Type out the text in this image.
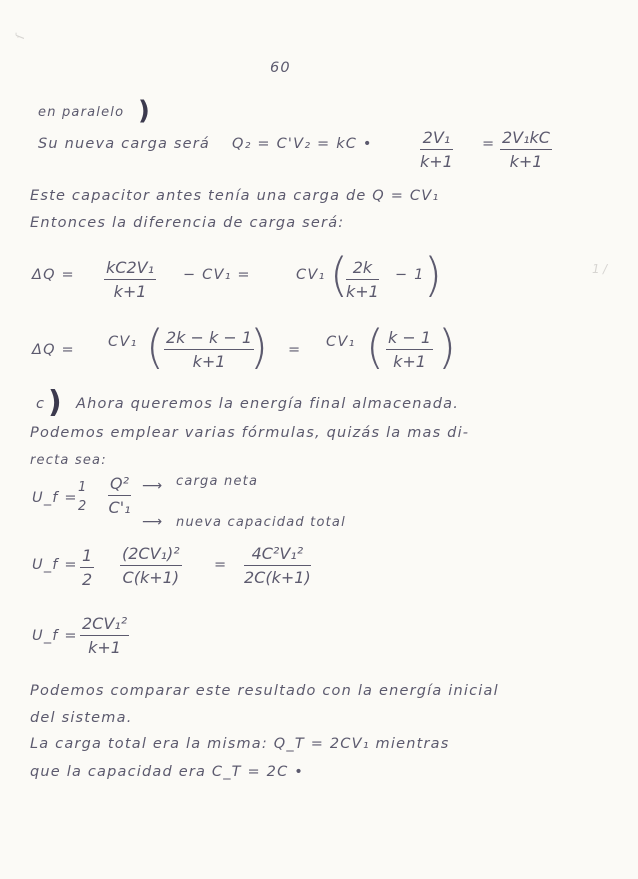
ſ
1 /
60
en paralelo )
Su nueva carga será Q₂ = C'V₂ = kC •	$\frac{\text{2V₁}}{k+1} = \frac{\text{2V₁kC}}{k+1}$
Este capacitor antes tenía una carga de Q = CV₁
Entonces la diferencia de carga será:
$\Delta Q = \frac{\text{kC2V₁}}{k+1} - CV_1$ =	CV₁ (
$\frac{2k}{k+1} - 1$ )
ΔQ = CV₁ ( $\frac{2k - k - 1}{k+1}$
) = CV₁ ( $\frac{k - 1}{k+1}$ )
c ) Ahora queremos la energía final almacenada.
Podemos emplear varias fórmulas, quizás la mas di-
recta sea:
U_f =
1
$2 \frac{\text{Q²}}{\text{C'₁}}$ ⟶ carga neta
⟶ nueva capacidad total
U_f = $\frac{1}{2} \frac{\text{(2CV₁)²}}{C(k+1)} = \frac{\text{4C²V₁²}}{2C(k+1)}$
U_f = $\frac{\text{2CV₁²}}{k+1}$
Podemos comparar este resultado con la energía inicial
del sistema.
La carga total era la misma: Q_T = 2CV₁ mientras
que la capacidad era C_T = 2C •
